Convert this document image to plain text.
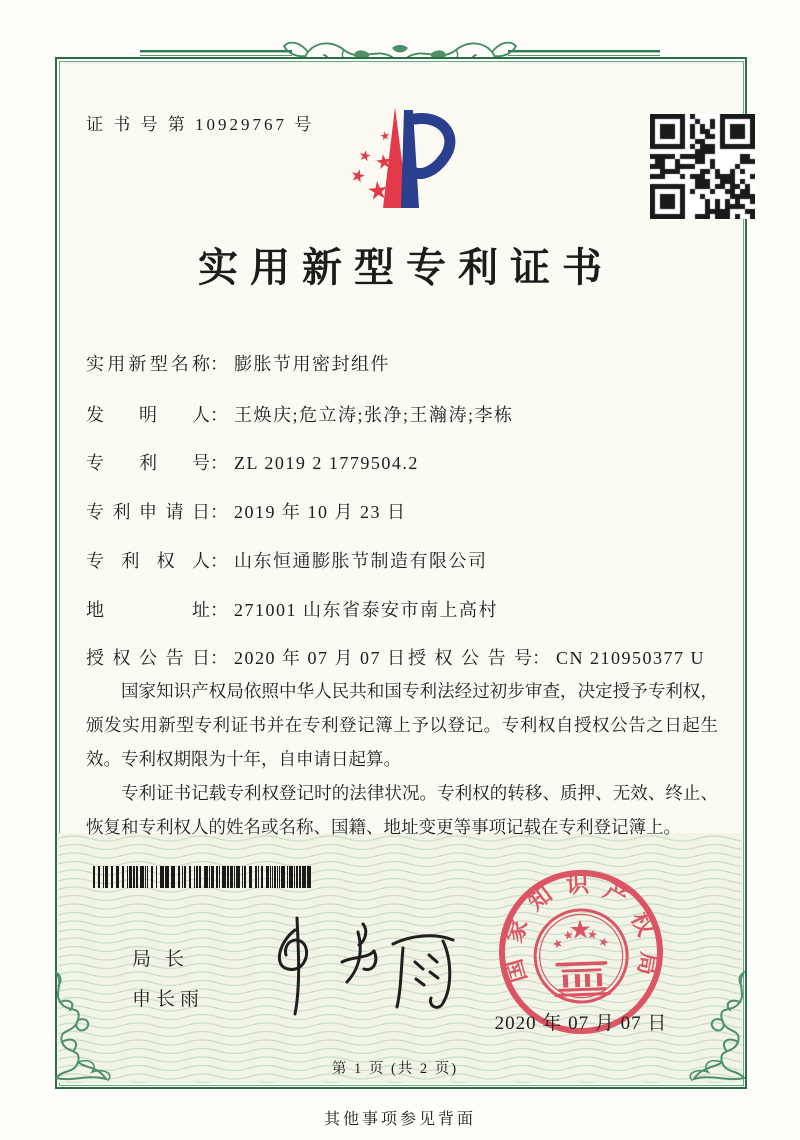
证 书 号 第 10929767 号
实用新型专利证书
实用新型名称： 膨胀节用密封组件
发明人： 王焕庆;危立涛;张净;王瀚涛;李栋
专利号： ZL 2019 2 1779504.2
专利申请日： 2019 年 10 月 23 日
专利权人： 山东恒通膨胀节制造有限公司
地址： 271001 山东省泰安市南上高村
授权公告日： 2020 年 07 月 07 日 授权公告号： CN 210950377 U

国家知识产权局依照中华人民共和国专利法经过初步审查，决定授予专利权，颁发实用新型专利证书并在专利登记簿上予以登记。专利权自授权公告之日起生效。专利权期限为十年，自申请日起算。

专利证书记载专利权登记时的法律状况。专利权的转移、质押、无效、终止、恢复和专利权人的姓名或名称、国籍、地址变更等事项记载在专利登记簿上。

局长
申长雨
国家知识产权局
2020 年 07 月 07 日
第 1 页 (共 2 页)
其他事项参见背面
